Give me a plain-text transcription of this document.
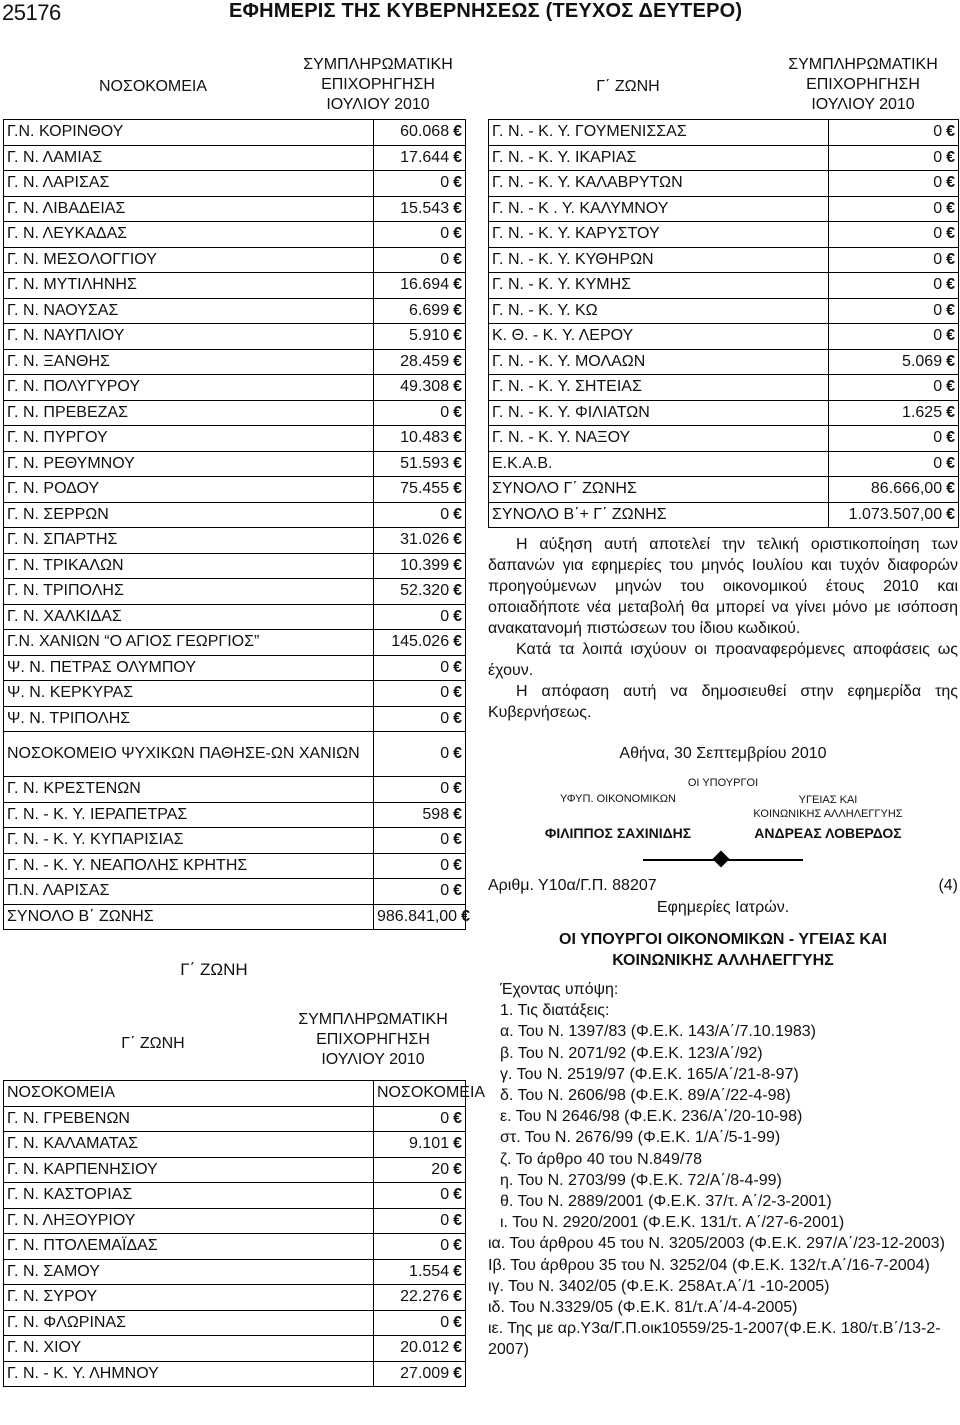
25176	ΕΦΗΜΕΡΙΣ ΤΗΣ ΚΥΒΕΡΝΗΣΕΩΣ (ΤΕΥΧΟΣ ΔΕΥΤΕΡΟ)
ΝΟΣΟΚΟΜΕΙΑ
ΣΥΜΠΛΗΡΩΜΑΤΙΚΗ
ΕΠΙΧΟΡΗΓΗΣΗ
ΙΟΥΛΙΟΥ 2010
Γ.Ν. ΚΟΡΙΝΘΟΥ	60.068 €
Γ. Ν. ΛΑΜΙΑΣ	17.644 €
Γ. Ν. ΛΑΡΙΣΑΣ	0 €
Γ. Ν. ΛΙΒΑΔΕΙΑΣ	15.543 €
Γ. Ν. ΛΕΥΚΑΔΑΣ	0 €
Γ. Ν. ΜΕΣΟΛΟΓΓΙΟΥ	0 €
Γ. Ν. ΜΥΤΙΛΗΝΗΣ	16.694 €
Γ. Ν. ΝΑΟΥΣΑΣ	6.699 €
Γ. Ν. ΝΑΥΠΛΙΟΥ	5.910 €
Γ. Ν. ΞΑΝΘΗΣ	28.459 €
Γ. Ν. ΠΟΛΥΓΥΡΟΥ	49.308 €
Γ. Ν. ΠΡΕΒΕΖΑΣ	0 €
Γ. Ν. ΠΥΡΓΟΥ	10.483 €
Γ. Ν. ΡΕΘΥΜΝΟΥ	51.593 €
Γ. Ν. ΡΟΔΟΥ	75.455 €
Γ. Ν. ΣΕΡΡΩΝ	0 €
Γ. Ν. ΣΠΑΡΤΗΣ	31.026 €
Γ. Ν. ΤΡΙΚΑΛΩΝ	10.399 €
Γ. Ν. ΤΡΙΠΟΛΗΣ	52.320 €
Γ. Ν. ΧΑΛΚΙΔΑΣ	0 €
Γ.Ν. ΧΑΝΙΩΝ “Ο ΑΓΙΟΣ ΓΕΩΡΓΙΟΣ”	145.026 €
Ψ. Ν. ΠΕΤΡΑΣ ΟΛΥΜΠΟΥ	0 €
Ψ. Ν. ΚΕΡΚΥΡΑΣ	0 €
Ψ. Ν. ΤΡΙΠΟΛΗΣ	0 €
ΝΟΣΟΚΟΜΕΙΟ ΨΥΧΙΚΩΝ ΠΑΘΗΣΕ-ΩΝ ΧΑΝΙΩΝ	0 €
Γ. Ν. ΚΡΕΣΤΕΝΩΝ	0 €
Γ. Ν. - Κ. Υ. ΙΕΡΑΠΕΤΡΑΣ	598 €
Γ. Ν. - Κ. Υ. ΚΥΠΑΡΙΣΙΑΣ	0 €
Γ. Ν. - Κ. Υ. ΝΕΑΠΟΛΗΣ ΚΡΗΤΗΣ	0 €
Π.Ν. ΛΑΡΙΣΑΣ	0 €
ΣΥΝΟΛΟ Β΄ ΖΩΝΗΣ	986.841,00 €
Γ΄ ΖΩΝΗ
Γ΄ ΖΩΝΗ
ΣΥΜΠΛΗΡΩΜΑΤΙΚΗ
ΕΠΙΧΟΡΗΓΗΣΗ
ΙΟΥΛΙΟΥ 2010
ΝΟΣΟΚΟΜΕΙΑ	ΝΟΣΟΚΟΜΕΙΑ
Γ. Ν. ΓΡΕΒΕΝΩΝ	0 €
Γ. Ν. ΚΑΛΑΜΑΤΑΣ	9.101 €
Γ. Ν. ΚΑΡΠΕΝΗΣΙΟΥ	20 €
Γ. Ν. ΚΑΣΤΟΡΙΑΣ	0 €
Γ. Ν. ΛΗΞΟΥΡΙΟΥ	0 €
Γ. Ν. ΠΤΟΛΕΜΑΪΔΑΣ	0 €
Γ. Ν. ΣΑΜΟΥ	1.554 €
Γ. Ν. ΣΥΡΟΥ	22.276 €
Γ. Ν. ΦΛΩΡΙΝΑΣ	0 €
Γ. Ν. ΧΙΟΥ	20.012 €
Γ. Ν. - Κ. Υ. ΛΗΜΝΟΥ	27.009 €
Γ΄ ΖΩΝΗ
ΣΥΜΠΛΗΡΩΜΑΤΙΚΗ
ΕΠΙΧΟΡΗΓΗΣΗ
ΙΟΥΛΙΟΥ 2010
Γ. Ν. - Κ. Υ. ΓΟΥΜΕΝΙΣΣΑΣ	0 €
Γ. Ν. - Κ. Υ. ΙΚΑΡΙΑΣ	0 €
Γ. Ν. - Κ. Υ. ΚΑΛΑΒΡΥΤΩΝ	0 €
Γ. Ν. - Κ . Υ. ΚΑΛΥΜΝΟΥ	0 €
Γ. Ν. - Κ. Υ. ΚΑΡΥΣΤΟΥ	0 €
Γ. Ν. - Κ. Υ. ΚΥΘΗΡΩΝ	0 €
Γ. Ν. - Κ. Υ. ΚΥΜΗΣ	0 €
Γ. Ν. - Κ. Υ. ΚΩ	0 €
Κ. Θ. - Κ. Υ. ΛΕΡΟΥ	0 €
Γ. Ν. - Κ. Υ. ΜΟΛΑΩΝ	5.069 €
Γ. Ν. - Κ. Υ. ΣΗΤΕΙΑΣ	0 €
Γ. Ν. - Κ. Υ. ΦΙΛΙΑΤΩΝ	1.625 €
Γ. Ν. - Κ. Υ. ΝΑΞΟΥ	0 €
Ε.Κ.Α.Β.	0 €
ΣΥΝΟΛΟ Γ΄ ΖΩΝΗΣ	86.666,00 €
ΣΥΝΟΛΟ Β΄+ Γ΄ ΖΩΝΗΣ	1.073.507,00 €

Η αύξηση αυτή αποτελεί την τελική οριστικοποίηση των δαπανών για εφημερίες του μηνός Ιουλίου και τυχόν διαφορών προηγούμενων μηνών του οικονομικού έτους 2010 και οποιαδήποτε νέα μεταβολή θα μπορεί να γίνει μόνο με ισόποση ανακατανομή πιστώσεων του ίδιου κωδικού.

Κατά τα λοιπά ισχύουν οι προαναφερόμενες αποφάσεις ως έχουν.

Η απόφαση αυτή να δημοσιευθεί στην εφημερίδα της Κυβερνήσεως.

Αθήνα, 30 Σεπτεμβρίου 2010
ΟΙ ΥΠΟΥΡΓΟΙ
ΥΦΥΠ. ΟΙΚΟΝΟΜΙΚΩΝ	ΥΓΕΙΑΣ ΚΑΙ
ΚΟΙΝΩΝΙΚΗΣ ΑΛΛΗΛΕΓΓΥΗΣ
ΦΙΛΙΠΠΟΣ ΣΑΧΙΝΙΔΗΣ	ΑΝΔΡΕΑΣ ΛΟΒΕΡΔΟΣ
Αριθμ. Υ10α/Γ.Π. 88207	(4)
Εφημερίες Ιατρών.
ΟΙ ΥΠΟΥΡΓΟΙ ΟΙΚΟΝΟΜΙΚΩΝ - ΥΓΕΙΑΣ ΚΑΙ
ΚΟΙΝΩΝΙΚΗΣ ΑΛΛΗΛΕΓΓΥΗΣ

Έχοντας υπόψη:

1. Τις διατάξεις:

α. Του Ν. 1397/83 (Φ.Ε.Κ. 143/Α΄/7.10.1983)

β. Του Ν. 2071/92 (Φ.Ε.Κ. 123/Α΄/92)

γ. Του Ν. 2519/97 (Φ.Ε.Κ. 165/Α΄/21-8-97)

δ. Του Ν. 2606/98 (Φ.Ε.Κ. 89/Α΄/22-4-98)

ε. Του Ν 2646/98 (Φ.Ε.Κ. 236/Α΄/20-10-98)

στ. Του Ν. 2676/99 (Φ.Ε.Κ. 1/Α΄/5-1-99)

ζ. Το άρθρο 40 του Ν.849/78

η. Του Ν. 2703/99 (Φ.Ε.Κ. 72/Α΄/8-4-99)

θ. Του Ν. 2889/2001 (Φ.Ε.Κ. 37/τ. Α΄/2-3-2001)

ι. Του Ν. 2920/2001 (Φ.Ε.Κ. 131/τ. Α΄/27-6-2001)

ια. Του άρθρου 45 του Ν. 3205/2003 (Φ.Ε.Κ. 297/Α΄/23-12-2003)

Ιβ. Του άρθρου 35 του Ν. 3252/04 (Φ.Ε.Κ. 132/τ.Α΄/16-7-2004)

ιγ. Του Ν. 3402/05 (Φ.Ε.Κ. 258Ατ.Α΄/1 -10-2005)

ιδ. Του Ν.3329/05 (Φ.Ε.Κ. 81/τ.Α΄/4-4-2005)

ιε. Της με αρ.Υ3α/Γ.Π.οικ10559/25-1-2007(Φ.Ε.Κ. 180/τ.Β΄/13-2-2007)
